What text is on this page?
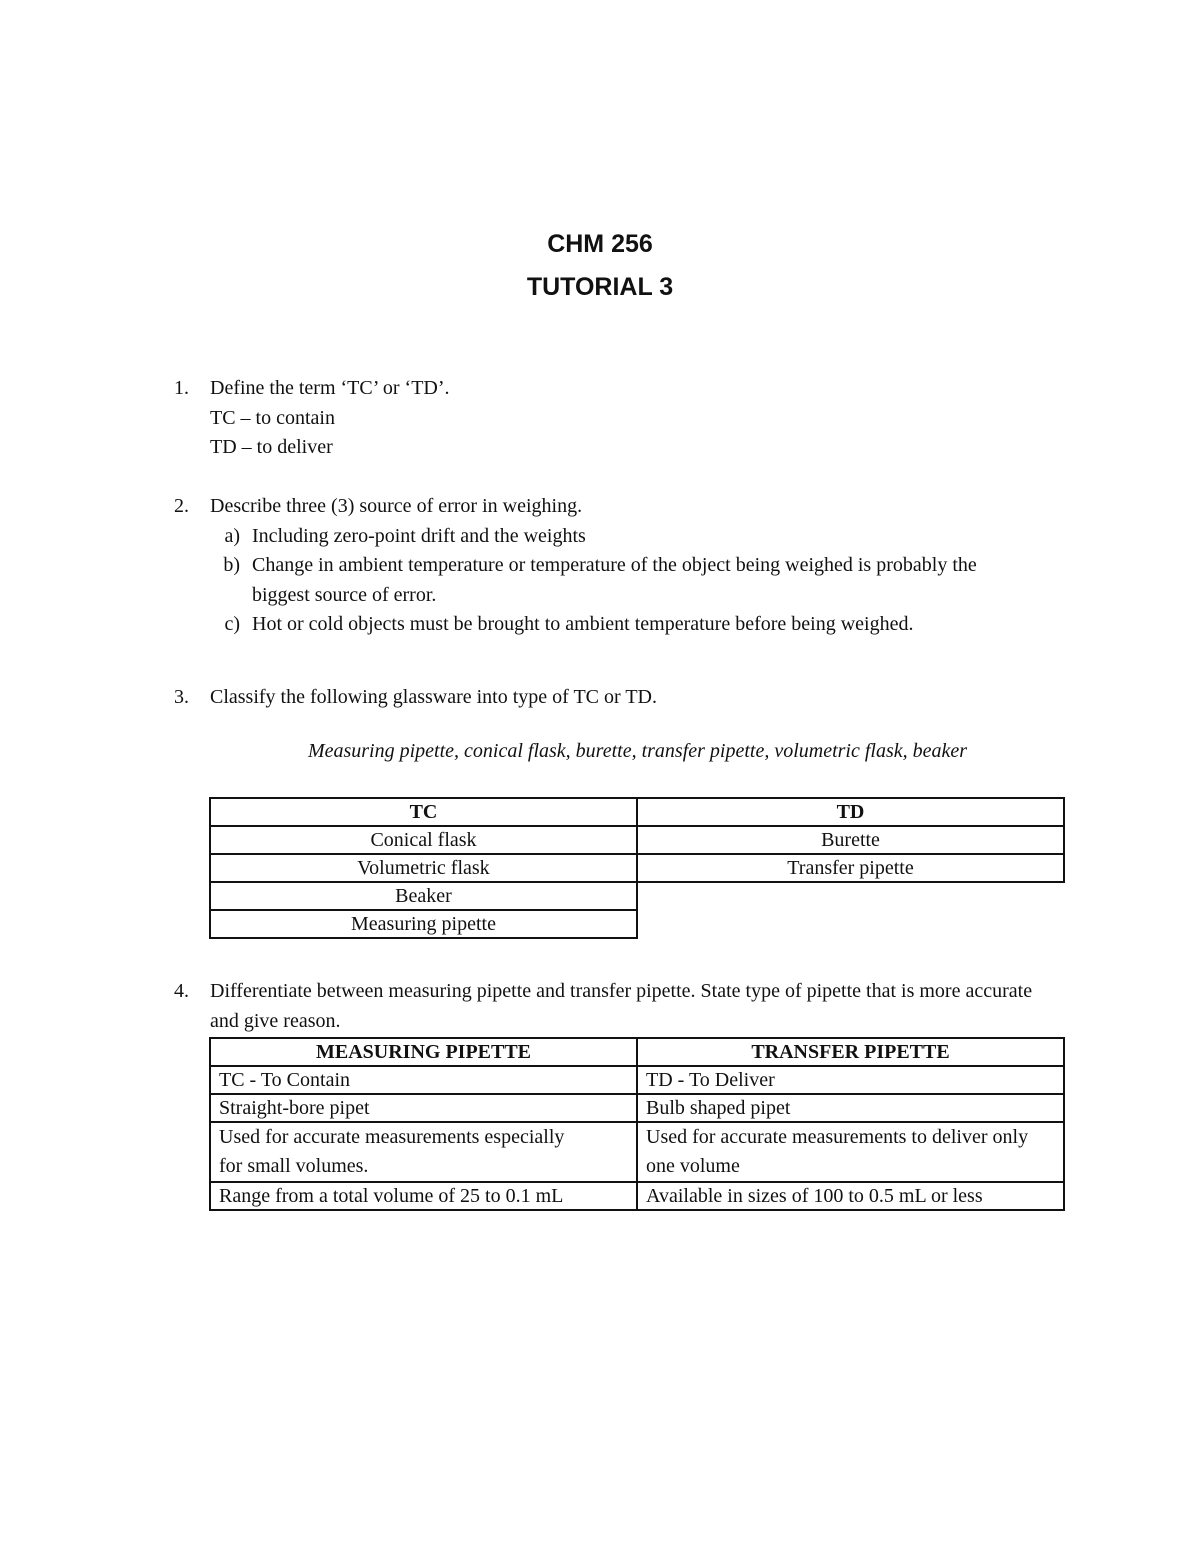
CHM 256
TUTORIAL 3
1.	Define the term ‘TC’ or ‘TD’.
TC – to contain
TD – to deliver
2.	Describe three (3) source of error in weighing.
a) Including zero-point drift and the weights
b) Change in ambient temperature or temperature of the object being weighed is probably the biggest source of error.
c) Hot or cold objects must be brought to ambient temperature before being weighed.
3.	Classify the following glassware into type of TC or TD.
Measuring pipette, conical flask, burette, transfer pipette, volumetric flask, beaker
TC	TD
Conical flask	Burette
Volumetric flask	Transfer pipette
Beaker	
Measuring pipette	
4.	Differentiate between measuring pipette and transfer pipette. State type of pipette that is more accurate and give reason.
MEASURING PIPETTE	TRANSFER PIPETTE
TC - To Contain	TD - To Deliver
Straight-bore pipet	Bulb shaped pipet
Used for accurate measurements especially for small volumes.	Used for accurate measurements to deliver only one volume
Range from a total volume of 25 to 0.1 mL	Available in sizes of 100 to 0.5 mL or less
